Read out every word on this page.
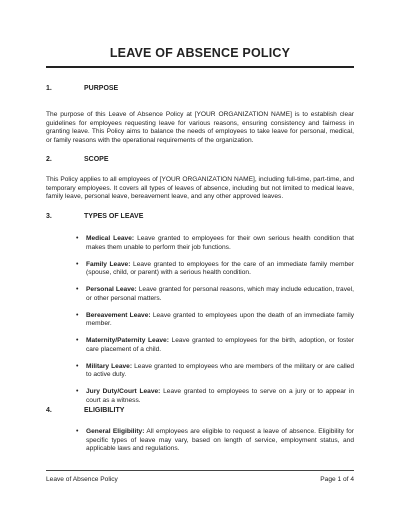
LEAVE OF ABSENCE POLICY
1.	PURPOSE

The purpose of this Leave of Absence Policy at [YOUR ORGANIZATION NAME] is to establish clear guidelines for employees requesting leave for various reasons, ensuring consistency and fairness in granting leave. This Policy aims to balance the needs of employees to take leave for personal, medical, or family reasons with the operational requirements of the organization.

2.	SCOPE

This Policy applies to all employees of [YOUR ORGANIZATION NAME], including full-time, part-time, and temporary employees. It covers all types of leaves of absence, including but not limited to medical leave, family leave, personal leave, bereavement leave, and any other approved leaves.

3.	TYPES OF LEAVE
• Medical Leave: Leave granted to employees for their own serious health condition that makes them unable to perform their job functions.
• Family Leave: Leave granted to employees for the care of an immediate family member (spouse, child, or parent) with a serious health condition.
• Personal Leave: Leave granted for personal reasons, which may include education, travel, or other personal matters.
• Bereavement Leave: Leave granted to employees upon the death of an immediate family member.
• Maternity/Paternity Leave: Leave granted to employees for the birth, adoption, or foster care placement of a child.
• Military Leave: Leave granted to employees who are members of the military or are called to active duty.
• Jury Duty/Court Leave: Leave granted to employees to serve on a jury or to appear in court as a witness.
4.	ELIGIBILITY
• General Eligibility: All employees are eligible to request a leave of absence. Eligibility for specific types of leave may vary, based on length of service, employment status, and applicable laws and regulations.
Leave of Absence Policy	Page 1 of 4
